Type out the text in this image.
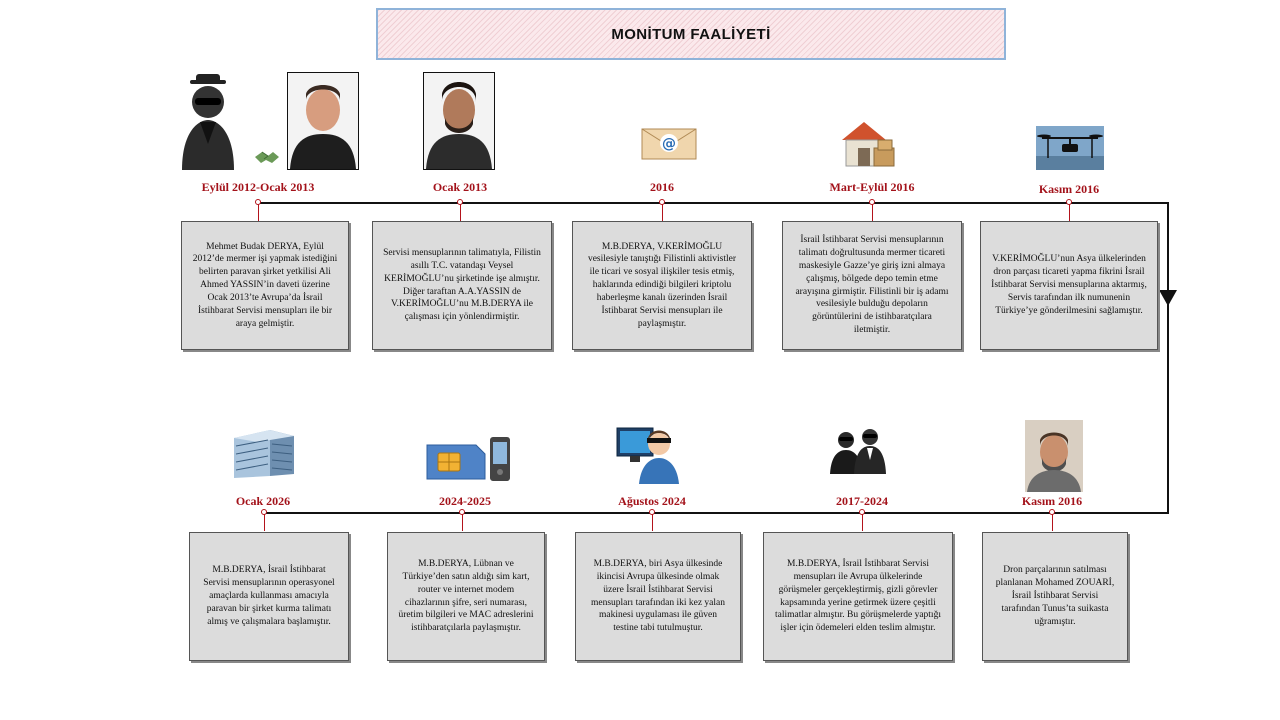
MONİTUM FAALİYETİ
Eylül 2012-Ocak 2013
Mehmet Budak DERYA, Eylül 2012’de mermer işi yapmak istediğini belirten paravan şirket yetkilisi Ali Ahmed YASSIN’in daveti üzerine Ocak 2013’te Avrupa’da İsrail İstihbarat Servisi mensupları ile bir araya gelmiştir.
Ocak 2013
Servisi mensuplarının talimatıyla, Filistin asıllı T.C. vatandaşı Veysel KERİMOĞLU’nu şirketinde işe almıştır. Diğer taraftan A.A.YASSIN de V.KERİMOĞLU’nu M.B.DERYA ile çalışması için yönlendirmiştir.
@
2016
M.B.DERYA, V.KERİMOĞLU vesilesiyle tanıştığı Filistinli aktivistler ile ticari ve sosyal ilişkiler tesis etmiş, haklarında edindiği bilgileri kriptolu haberleşme kanalı üzerinden İsrail İstihbarat Servisi mensupları ile paylaşmıştır.
Mart-Eylül 2016
İsrail İstihbarat Servisi mensuplarının talimatı doğrultusunda mermer ticareti maskesiyle Gazze’ye giriş izni almaya çalışmış, bölgede depo temin etme arayışına girmiştir. Filistinli bir iş adamı vesilesiyle bulduğu depoların görüntülerini de istihbaratçılara iletmiştir.
Kasım 2016
V.KERİMOĞLU’nun Asya ülkelerinden dron parçası ticareti yapma fikrini İsrail İstihbarat Servisi mensuplarına aktarmış, Servis tarafından ilk numunenin Türkiye’ye gönderilmesini sağlamıştır.
Ocak 2026
M.B.DERYA, İsrail İstihbarat Servisi mensuplarının operasyonel amaçlarda kullanması amacıyla paravan bir şirket kurma talimatı almış ve çalışmalara başlamıştır.
2024-2025
M.B.DERYA, Lübnan ve Türkiye’den satın aldığı sim kart, router ve internet modem cihazlarının şifre, seri numarası, üretim bilgileri ve MAC adreslerini istihbaratçılarla paylaşmıştır.
Ağustos 2024
M.B.DERYA, biri Asya ülkesinde ikincisi Avrupa ülkesinde olmak üzere İsrail İstihbarat Servisi mensupları tarafından iki kez yalan makinesi uygulaması ile güven testine tabi tutulmuştur.
2017-2024
M.B.DERYA, İsrail İstihbarat Servisi mensupları ile Avrupa ülkelerinde görüşmeler gerçekleştirmiş, gizli görevler kapsamında yerine getirmek üzere çeşitli talimatlar almıştır. Bu görüşmelerde yaptığı işler için ödemeleri elden teslim almıştır.
Kasım 2016
Dron parçalarının satılması planlanan Mohamed ZOUARİ, İsrail İstihbarat Servisi tarafından Tunus’ta suikasta uğramıştır.
